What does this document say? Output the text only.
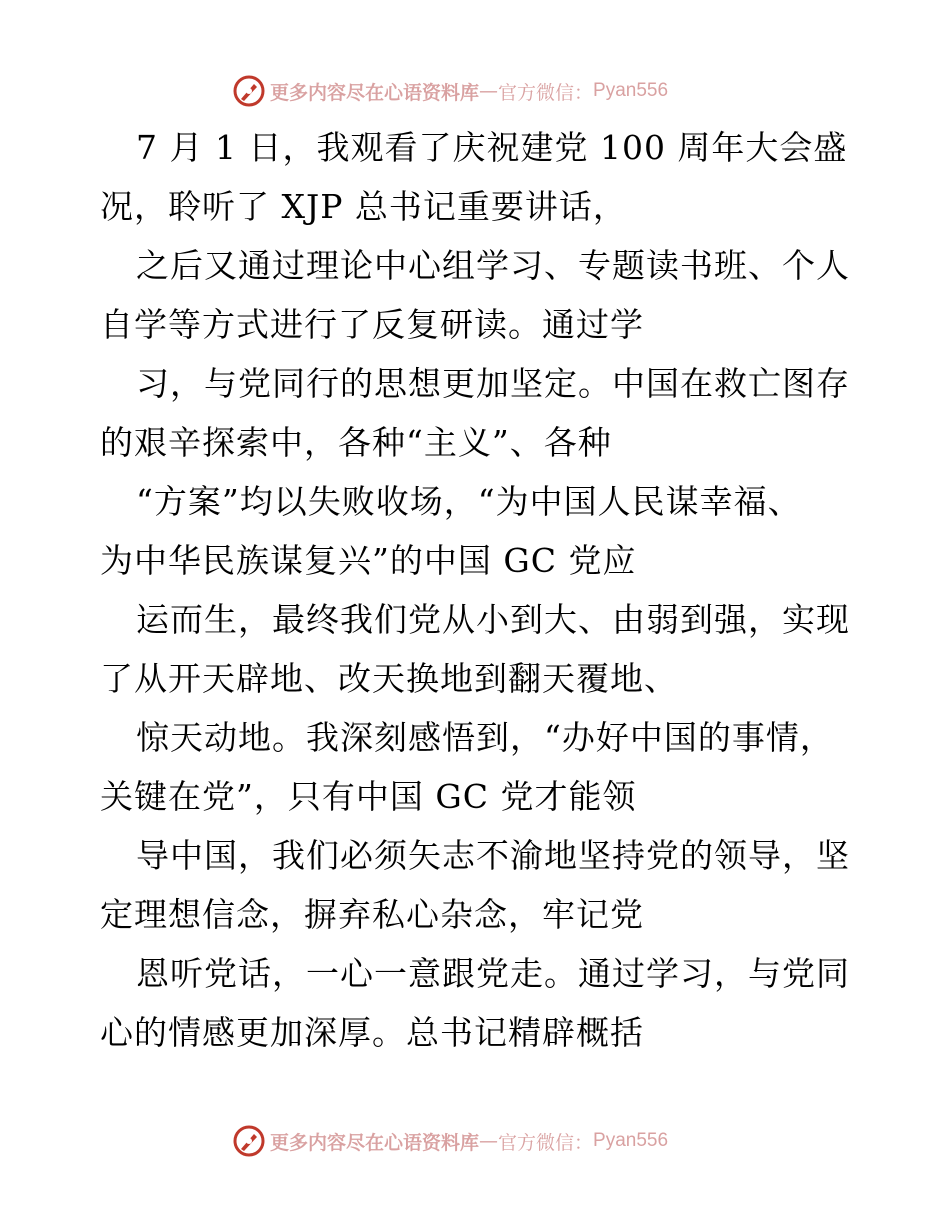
更多内容尽在心语资料库 — 官方微信： Pyan556
7 月 1 日，我观看了庆祝建党 100 周年大会盛
况，聆听了 XJP 总书记重要讲话，
之后又通过理论中心组学习、专题读书班、个人
自学等方式进行了反复研读。通过学
习，与党同行的思想更加坚定。中国在救亡图存
的艰辛探索中，各种“主义”、各种
“方案”均以失败收场，“为中国人民谋幸福、
为中华民族谋复兴”的中国 GC 党应
运而生，最终我们党从小到大、由弱到强，实现
了从开天辟地、改天换地到翻天覆地、
惊天动地。我深刻感悟到，“办好中国的事情，
关键在党”，只有中国 GC 党才能领
导中国，我们必须矢志不渝地坚持党的领导，坚
定理想信念，摒弃私心杂念，牢记党
恩听党话，一心一意跟党走。通过学习，与党同
心的情感更加深厚。总书记精辟概括
更多内容尽在心语资料库 — 官方微信： Pyan556
